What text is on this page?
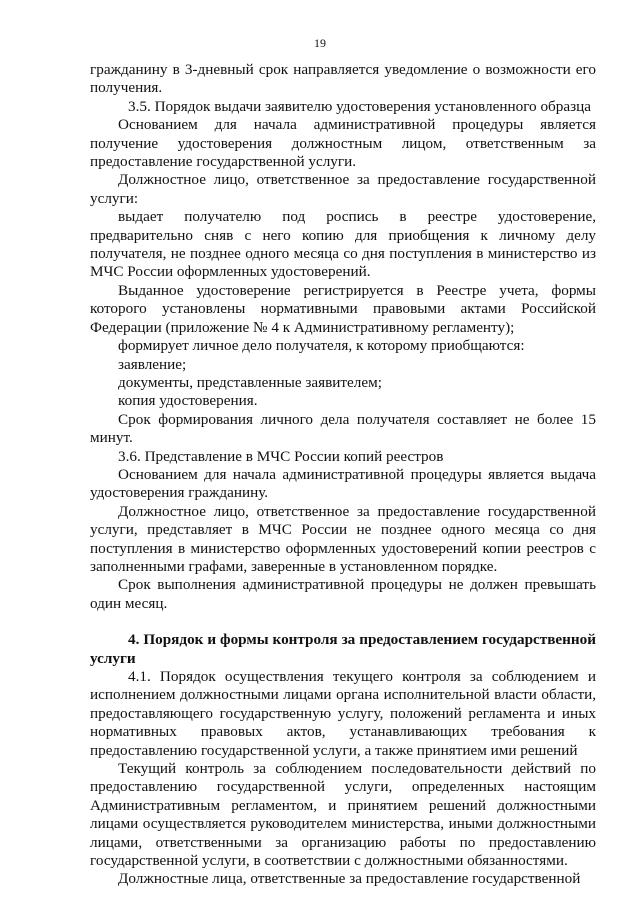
19

гражданину в 3-дневный срок направляется уведомление о возможности его получения.

3.5. Порядок выдачи заявителю удостоверения установленного образца

Основанием для начала административной процедуры является получение удостоверения должностным лицом, ответственным за предоставление государственной услуги.

Должностное лицо, ответственное за предоставление государственной услуги:

выдает получателю под роспись в реестре удостоверение, предварительно сняв с него копию для приобщения к личному делу получателя, не позднее одного месяца со дня поступления в министерство из МЧС России оформленных удостоверений.

Выданное удостоверение регистрируется в Реестре учета, формы которого установлены нормативными правовыми актами Российской Федерации (приложение № 4 к Административному регламенту);

формирует личное дело получателя, к которому приобщаются:

заявление;

документы, представленные заявителем;

копия удостоверения.

Срок формирования личного дела получателя составляет не более 15 минут.

3.6. Представление в МЧС России копий реестров

Основанием для начала административной процедуры является выдача удостоверения гражданину.

Должностное лицо, ответственное за предоставление государственной услуги, представляет в МЧС России не позднее одного месяца со дня поступления в министерство оформленных удостоверений копии реестров с заполненными графами, заверенные в установленном порядке.

Срок выполнения административной процедуры не должен превышать один месяц.

4. Порядок и формы контроля за предоставлением государственной услуги

4.1. Порядок осуществления текущего контроля за соблюдением и исполнением должностными лицами органа исполнительной власти области, предоставляющего государственную услугу, положений регламента и иных нормативных правовых актов, устанавливающих требования к предоставлению государственной услуги, а также принятием ими решений

Текущий контроль за соблюдением последовательности действий по предоставлению государственной услуги, определенных настоящим Административным регламентом, и принятием решений должностными лицами осуществляется руководителем министерства, иными должностными лицами, ответственными за организацию работы по предоставлению государственной услуги, в соответствии с должностными обязанностями.

Должностные лица, ответственные за предоставление государственной
